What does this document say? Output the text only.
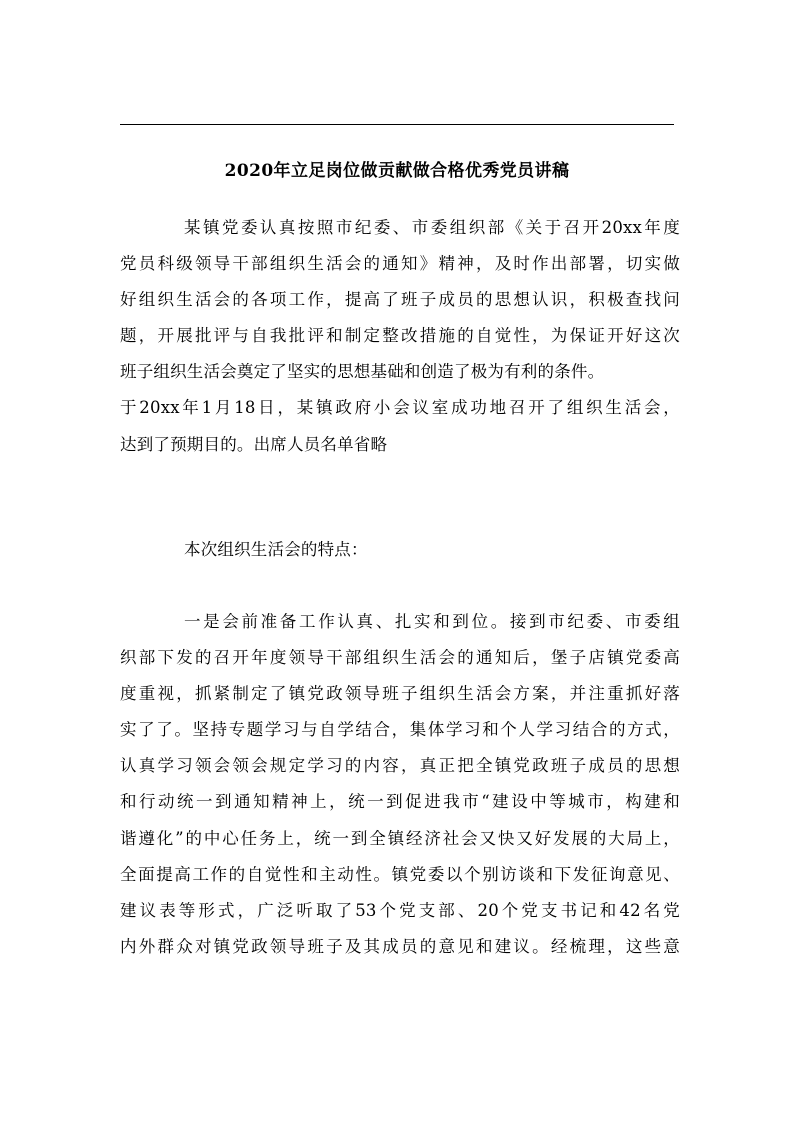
2020年立足岗位做贡献做合格优秀党员讲稿
某镇党委认真按照市纪委、市委组织部《关于召开20xx年度
党员科级领导干部组织生活会的通知》精神，及时作出部署，切实做
好组织生活会的各项工作，提高了班子成员的思想认识，积极查找问
题，开展批评与自我批评和制定整改措施的自觉性，为保证开好这次
班子组织生活会奠定了坚实的思想基础和创造了极为有利的条件。
于20xx年1月18日，某镇政府小会议室成功地召开了组织生活会，
达到了预期目的。出席人员名单省略
本次组织生活会的特点：
一是会前准备工作认真、扎实和到位。接到市纪委、市委组
织部下发的召开年度领导干部组织生活会的通知后，堡子店镇党委高
度重视，抓紧制定了镇党政领导班子组织生活会方案，并注重抓好落
实了了。坚持专题学习与自学结合，集体学习和个人学习结合的方式，
认真学习领会领会规定学习的内容，真正把全镇党政班子成员的思想
和行动统一到通知精神上，统一到促进我市“建设中等城市，构建和
谐遵化”的中心任务上，统一到全镇经济社会又快又好发展的大局上，
全面提高工作的自觉性和主动性。镇党委以个别访谈和下发征询意见、
建议表等形式，广泛听取了53个党支部、20个党支书记和42名党
内外群众对镇党政领导班子及其成员的意见和建议。经梳理，这些意
